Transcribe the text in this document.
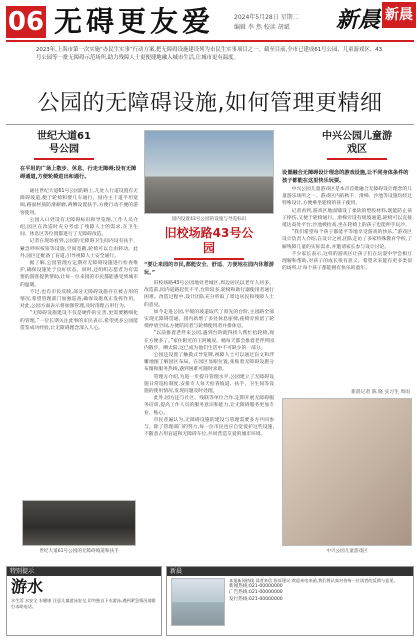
06 无碍更友爱	2024年5月28日 星期二
编辑 李 然 校读 胡斌 新晨 新晨
2023年,上海市第一次实施“办民生实事”行动方案,把无障碍设施建设列为市民生实事项目之一。截至目前,全市已建成61号公园、儿童游戏区、43号公园等一批无障碍示范场所,助力残障人士更便捷地融入城市生活,让城市更有温度。
公园的无障碍设施,如何管理更精细
世纪大道61号公园
在平坦的广场上散步、休息、行走无障碍;设有无障碍通道,方便轮椅进出和通行。

通往世纪大道61号公园的路上,几处人行道设置有无障碍坡道,便于轮椅和婴儿车通行。园内主干道平坦宽阔,路面材质防滑耐磨,两侧设置扶手,方便行动不便的游客使用。

公园入口处设有无障碍标识和导览图,工作人员介绍,园区在改造时充分考虑了残障人士的需求,在卫生间、休息区等位置都进行了无障碍改造。

记者在现场看到,公园的无障碍卫生间内设有扶手、紧急呼叫按钮等设施,空间宽敞,轮椅可以自由转动。此外,园区还配备了盲道,引导视障人士安全通行。

据了解,公园管理方定期对无障碍设施进行检查维护,确保设施处于良好状态。同时,还组织志愿者为有需要的游客提供帮助,让每一位来园的市民都能感受到城市的温暖。

不过,也有市民反映,部分无障碍设施存在被占用的情况,希望管理部门加强巡查,确保设施真正发挥作用。对此,公园方面表示将加强管理,及时清理占用行为。

“无障碍设施建设不仅是硬件的完善,更需要精细化的管理。”一位长期关注此事的市民表示,希望更多公园能借鉴成功经验,让无障碍理念深入人心。

世纪大道61号公园的无障碍坡道和扶手
园内设置43号公园的设施与导览标识
旧校场路43号公园
“要让来园的市民,都能安全、舒适、方便地在园内休憩游玩。”

旧校场路43号公园地处老城区,周边居民以老年人居多。改造前,园内道路起伏不平,台阶较多,轮椅和助行器使用者通行困难。改造过程中,设计团队充分听取了周边居民和残障人士的意见。

如今走进公园,平缓的坡道取代了原先的台阶,主园路全部实现无障碍贯通。园内新增了多处休息座椅,座椅旁预留了轮椅停放空间,方便陪同者与轮椅使用者并排休息。

“以前推着老伴来公园,遇到台阶就得找人帮忙抬轮椅,现在方便多了。”家住附近的王阿姨说。她每天都会推着老伴到园内散步、晒太阳,这已成为他们生活中不可缺少的一部分。

公园还设置了触摸式导览牌,视障人士可以通过盲文和浮雕地图了解园区布局。在园区显眼位置,张贴着无障碍设施分布图和服务热线,遇到困难可随时求助。

管理方介绍,为进一步提升管理水平,公园建立了无障碍设施日常巡检制度,安排专人每天检查坡道、扶手、卫生间等设施的使用情况,发现问题及时处理。

此外,园方还与社区、残联等单位合作,定期开展无障碍服务培训,提高工作人员的服务意识和能力,让无障碍服务更加专业、贴心。

市民普遍认为,无障碍设施的建设与管理需要多方共同参与。除了管理部门的努力,每一位市民也应自觉爱护这些设施,不随意占用盲道和无障碍车位,共同营造友爱的城市环境。

中兴公园儿童游戏区
设置融合无障碍设计理念的游戏设施,让不同身体条件的孩子都能在这里快乐玩耍。

中兴公园儿童游戏区是本市首批融合无障碍设计理念的儿童游乐场所之一。游戏区内的秋千、滑梯、沙池等设施均经过特殊设计,方便乘坐轮椅的孩子使用。

记者看到,游戏区地面铺设了柔软的塑胶材料,既能防止孩子摔伤,又便于轮椅通行。滑梯旁设有缓坡通道,轮椅可以直接抵达高处平台;沙池被抬高,坐在轮椅上的孩子也能伸手玩沙。

“我们希望每个孩子都能平等地享受游戏的快乐。”游戏区设计负责人介绍,在设计之初,团队走访了多家特殊教育学校,了解残障儿童的实际需求,并邀请家长参与设计讨论。

不少家长表示,这样的游戏区让孩子们在玩耍中学会相互理解和帮助,对孩子的成长很有意义。希望未来能有更多类似的场所,让每个孩子都能拥有快乐的童年。

新晨记者 陈 晓 实习生 周雨
中兴公园儿童游戏区
特别提示
游水
水生活 水安全 水健康 注意儿童游泳安全,切勿独自下水游泳,遇到紧急情况请拨打求助电话。
新晨
本报新闻热线 读者来信 投诉建议 欢迎来电来函,我们将认真对待每一位读者的反馈与意见。
新闻热线:021-00000000
广告热线:021-00000000
发行热线:021-00000000
